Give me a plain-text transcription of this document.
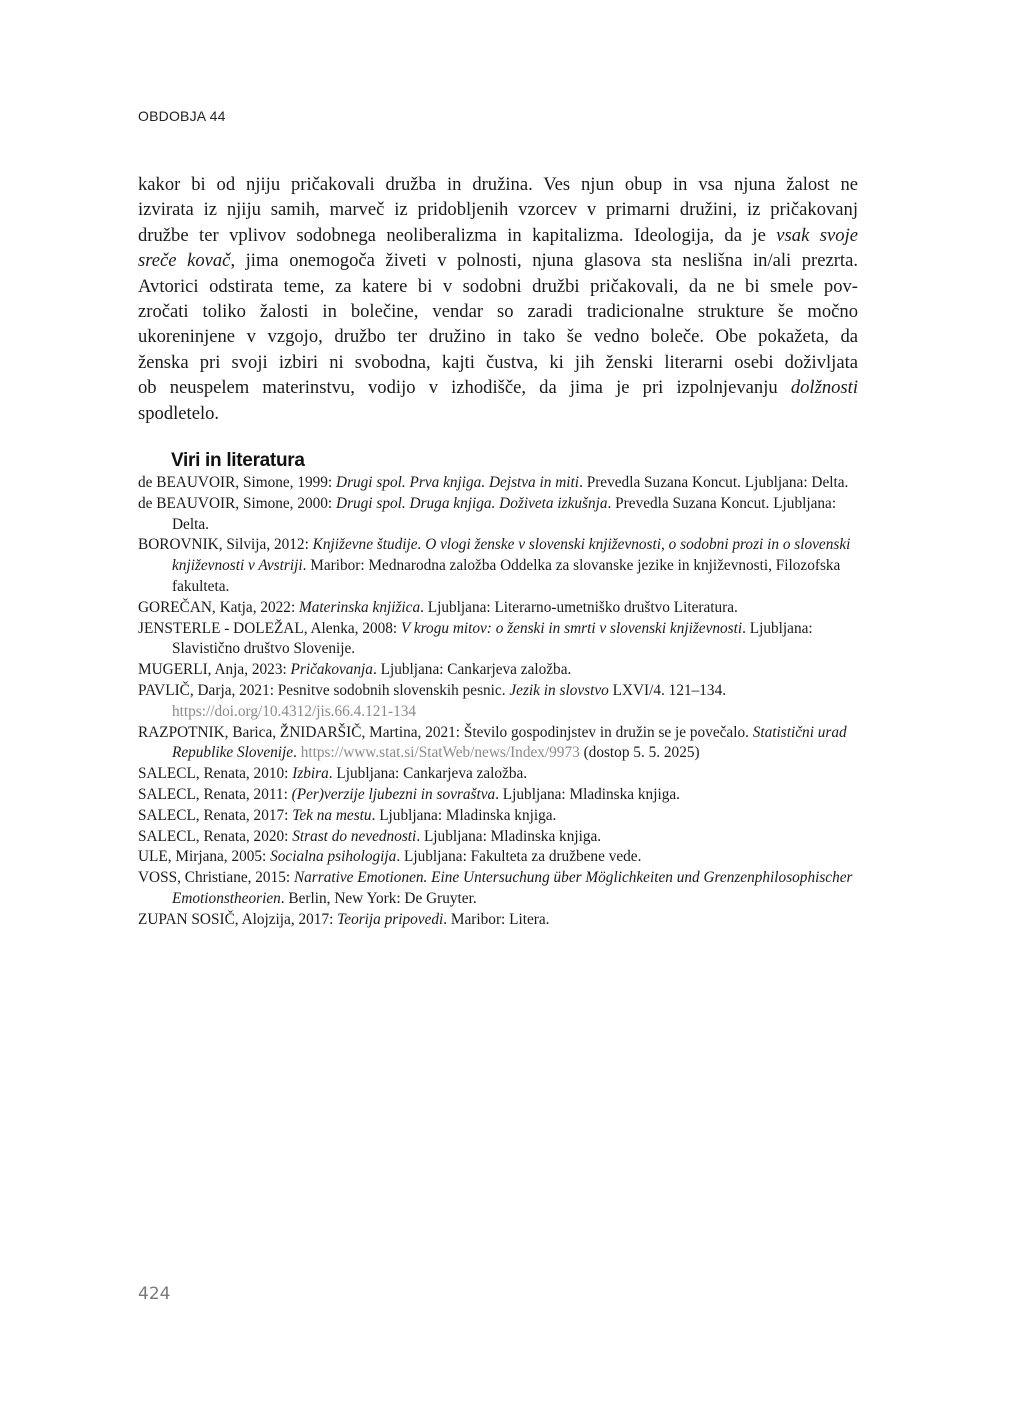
OBDOBJA 44
kakor bi od njiju pričakovali družba in družina. Ves njun obup in vsa njuna žalost ne
izvirata iz njiju samih, marveč iz pridobljenih vzorcev v primarni družini, iz pričakovanj
družbe ter vplivov sodobnega neoliberalizma in kapitalizma. Ideologija, da je vsak svoje
sreče kovač, jima onemogoča živeti v polnosti, njuna glasova sta neslišna in/ali prezrta.
Avtorici odstirata teme, za katere bi v sodobni družbi pričakovali, da ne bi smele pov-
zročati toliko žalosti in bolečine, vendar so zaradi tradicionalne strukture še močno
ukoreninjene v vzgojo, družbo ter družino in tako še vedno boleče. Obe pokažeta, da
ženska pri svoji izbiri ni svobodna, kajti čustva, ki jih ženski literarni osebi doživljata
ob neuspelem materinstvu, vodijo v izhodišče, da jima je pri izpolnjevanju dolžnosti
spodletelo.
Viri in literatura
de BEAUVOIR, Simone, 1999: Drugi spol. Prva knjiga. Dejstva in miti. Prevedla Suzana Koncut. Ljubljana: Delta.
de BEAUVOIR, Simone, 2000: Drugi spol. Druga knjiga. Doživeta izkušnja. Prevedla Suzana Koncut. Ljubljana: Delta.
BOROVNIK, Silvija, 2012: Književne študije. O vlogi ženske v slovenski književnosti, o sodobni prozi in o slovenski književnosti v Avstriji. Maribor: Mednarodna založba Oddelka za slovanske jezike in književnosti, Filozofska fakulteta.
GOREČAN, Katja, 2022: Materinska knjižica. Ljubljana: Literarno-umetniško društvo Literatura.
JENSTERLE - DOLEŽAL, Alenka, 2008: V krogu mitov: o ženski in smrti v slovenski književnosti. Ljubljana: Slavistično društvo Slovenije.
MUGERLI, Anja, 2023: Pričakovanja. Ljubljana: Cankarjeva založba.
PAVLIČ, Darja, 2021: Pesnitve sodobnih slovenskih pesnic. Jezik in slovstvo LXVI/4. 121–134. https://doi.org/10.4312/jis.66.4.121-134
RAZPOTNIK, Barica, ŽNIDARŠIČ, Martina, 2021: Število gospodinjstev in družin se je povečalo. Statistični urad Republike Slovenije. https://www.stat.si/StatWeb/news/Index/9973 (dostop 5. 5. 2025)
SALECL, Renata, 2010: Izbira. Ljubljana: Cankarjeva založba.
SALECL, Renata, 2011: (Per)verzije ljubezni in sovraštva. Ljubljana: Mladinska knjiga.
SALECL, Renata, 2017: Tek na mestu. Ljubljana: Mladinska knjiga.
SALECL, Renata, 2020: Strast do nevednosti. Ljubljana: Mladinska knjiga.
ULE, Mirjana, 2005: Socialna psihologija. Ljubljana: Fakulteta za družbene vede.
VOSS, Christiane, 2015: Narrative Emotionen. Eine Untersuchung über Möglichkeiten und Grenzenphilosophischer Emotionstheorien. Berlin, New York: De Gruyter.
ZUPAN SOSIČ, Alojzija, 2017: Teorija pripovedi. Maribor: Litera.
424
